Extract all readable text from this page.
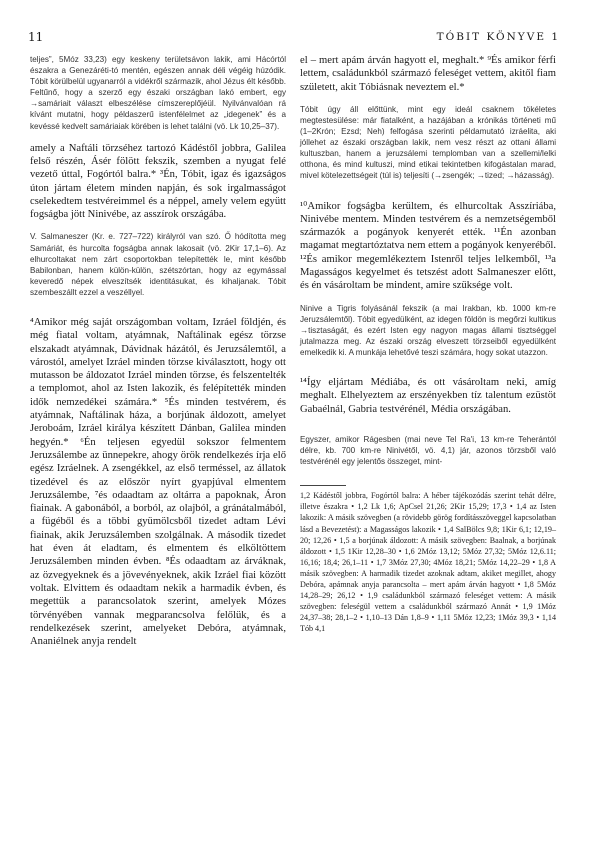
11	TÓBIT KÖNYVE 1

teljes”, 5Móz 33,23) egy keskeny területsávon lakik, ami Hácórtól északra a Genezáréti-tó mentén, egészen annak déli végéig húzódik. Tóbit körülbelül ugyanarról a vidékről származik, ahol Jézus élt később. Feltűnő, hogy a szerző egy északi országban lakó embert, egy →samáriait választ elbeszélése címszereplőjéül. Nyilvánvalóan rá kívánt mutatni, hogy példaszerű istenfélelmet az „idegenek” és a kevéssé kedvelt samáriaiak körében is lehet találni (vö. Lk 10,25–37).

amely a Naftáli törzséhez tartozó Kádéstől jobbra, Galilea felső részén, Ásér fölött fekszik, szemben a nyugat felé vezető úttal, Fogórtól balra.* ³Én, Tóbit, igaz és igazságos úton jártam életem minden napján, és sok irgalmasságot cselekedtem testvéreimmel és a néppel, amely velem együtt fogságba jött Ninivébe, az asszírok országába.

V. Salmaneszer (Kr. e. 727–722) királyról van szó. Ő hódította meg Samáriát, és hurcolta fogságba annak lakosait (vö. 2Kir 17,1–6). Az elhurcoltakat nem zárt csoportokban telepítették le, mint később Babilonban, hanem külön-külön, szétszórtan, hogy az egymással keveredő népek elveszítsék identitásukat, és kihaljanak. Tóbit szembeszállt ezzel a veszéllyel.

⁴Amikor még saját országomban voltam, Izráel földjén, és még fiatal voltam, atyámnak, Naftálinak egész törzse elszakadt atyámnak, Dávidnak házától, és Jeruzsálemtől, a várostól, amelyet Izráel minden törzse kiválasztott, hogy ott mutasson be áldozatot Izráel minden törzse, és felszentelték a templomot, ahol az Isten lakozik, és felépítették minden idők nemzedékei számára.* ⁵És minden testvérem, és atyámnak, Naftálinak háza, a borjúnak áldozott, amelyet Jeroboám, Izráel királya készített Dánban, Galilea minden hegyén.* ⁶Én teljesen egyedül sokszor felmentem Jeruzsálembe az ünnepekre, ahogy örök rendelkezés írja elő egész Izráelnek. A zsengékkel, az első terméssel, az állatok tizedével és az először nyírt gyapjúval elmentem Jeruzsálembe, ⁷és odaadtam az oltárra a papoknak, Áron fiainak. A gabonából, a borból, az olajból, a gránátalmából, a fügéből és a többi gyümölcsből tizedet adtam Lévi fiainak, akik Jeruzsálemben szolgálnak. A második tizedet hat éven át eladtam, és elmentem és elköltöttem Jeruzsálemben minden évben. ⁸És odaadtam az árváknak, az özvegyeknek és a jövevényeknek, akik Izráel fiai között voltak. Elvittem és odaadtam nekik a harmadik évben, és megettük a parancsolatok szerint, amelyek Mózes törvényében vannak megparancsolva felőlük, és a rendelkezések szerint, amelyeket Debóra, atyámnak, Ananiélnek anyja rendelt

el – mert apám árván hagyott el, meghalt.* ⁹És amikor férfi lettem, családunkból származó feleséget vettem, akitől fiam született, akit Tóbiásnak neveztem el.*

Tóbit úgy áll előttünk, mint egy ideál csaknem tökéletes megtestesülése: már fiatalként, a hazájában a krónikás történeti mű (1–2Krón; Ezsd; Neh) felfogása szerinti példamutató izráelita, aki jóllehet az északi országban lakik, nem vesz részt az ottani állami kultuszban, hanem a jeruzsálemi templomban van a szellemi/lelki otthona, és mind kultuszi, mind etikai tekintetben kifogástalan marad, mivel kötelezettségeit (túl is) teljesíti (→zsengék; →tized; →házasság).

¹⁰Amikor fogságba kerültem, és elhurcoltak Asszíriába, Ninivébe mentem. Minden testvérem és a nemzetségemből származók a pogányok kenyerét ették. ¹¹Én azonban magamat megtartóztatva nem ettem a pogányok kenyeréből. ¹²És amikor megemlékeztem Istenről teljes lelkemből, ¹³a Magasságos kegyelmet és tetszést adott Salmaneszer előtt, és én vásároltam be mindent, amire szüksége volt.

Ninive a Tigris folyásánál fekszik (a mai Irakban, kb. 1000 km-re Jeruzsálemtől). Tóbit egyedülként, az idegen földön is megőrzi kultikus →tisztaságát, és ezért Isten egy nagyon magas állami tisztséggel jutalmazza meg. Az északi ország elveszett törzseiből egyedülként emelkedik ki. A munkája lehetővé teszi számára, hogy sokat utazzon.

¹⁴Így eljártam Médiába, és ott vásároltam neki, amíg meghalt. Elhelyeztem az erszényekben tíz talentum ezüstöt Gabaélnál, Gabria testvérénél, Média országában.

Egyszer, amikor Rágesben (mai neve Tel Ra'i, 13 km-re Teherántól délre, kb. 700 km-re Ninivétől, vö. 4,1) jár, azonos törzsből való testvérénél egy jelentős összeget, mint-

1,2 Kádéstől jobbra, Fogórtól balra: A héber tájékozódás szerint tehát délre, illetve északra • 1,2 Lk 1,6; ApCsel 21,26; 2Kir 15,29; 17,3 • 1,4 az Isten lakozik: A másik szövegben (a rövidebb görög fordításszöveggel kapcsolatban lásd a Bevezetést): a Magasságos lakozik • 1,4 SalBölcs 9,8; 1Kir 6,1; 12,19–20; 12,26 • 1,5 a borjúnak áldozott: A másik szövegben: Baalnak, a borjúnak áldozott • 1,5 1Kir 12,28–30 • 1,6 2Móz 13,12; 5Móz 27,32; 5Móz 12,6.11; 16,16; 18,4; 26,1–11 • 1,7 3Móz 27,30; 4Móz 18,21; 5Móz 14,22–29 • 1,8 A másik szövegben: A harmadik tizedet azoknak adtam, akiket megillet, ahogy Debóra, apámnak anyja parancsolta – mert apám árván hagyott • 1,8 5Móz 14,28–29; 26,12 • 1,9 családunkból származó feleséget vettem: A másik szövegben: feleségül vettem a családunkból származó Annát • 1,9 1Móz 24,37–38; 28,1–2 • 1,10–13 Dán 1,8–9 • 1,11 5Móz 12,23; 1Móz 39,3 • 1,14 Tób 4,1
